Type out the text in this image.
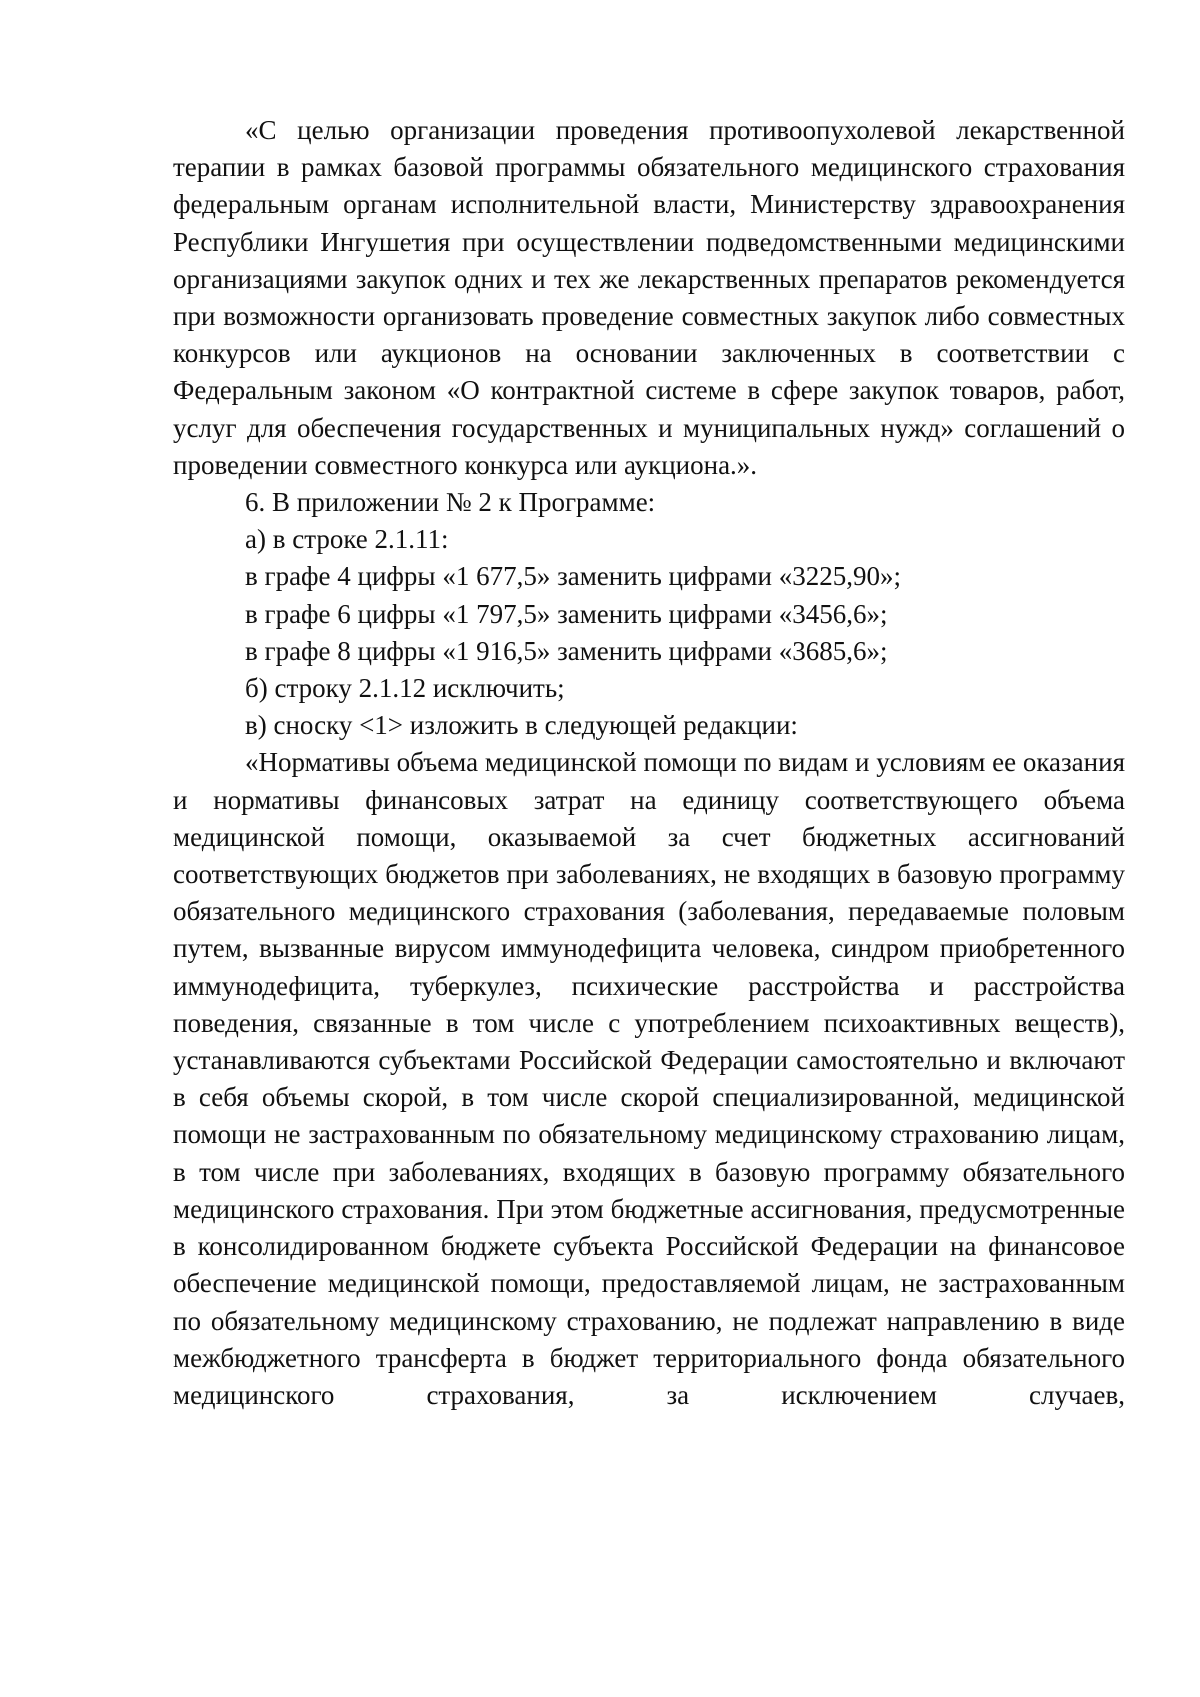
«С целью организации проведения противоопухолевой лекарственной терапии в рамках базовой программы обязательного медицинского страхования федеральным органам исполнительной власти, Министерству здравоохранения Республики Ингушетия при осуществлении подведомственными медицинскими организациями закупок одних и тех же лекарственных препаратов рекомендуется при возможности организовать проведение совместных закупок либо совместных конкурсов или аукционов на основании заключенных в соответствии с Федеральным законом «О контрактной системе в сфере закупок товаров, работ, услуг для обеспечения государственных и муниципальных нужд» соглашений о проведении совместного конкурса или аукциона.».

6. В приложении № 2 к Программе:

а) в строке 2.1.11:

в графе 4 цифры «1 677,5» заменить цифрами «3225,90»;

в графе 6 цифры «1 797,5» заменить цифрами «3456,6»;

в графе 8 цифры «1 916,5» заменить цифрами «3685,6»;

б) строку 2.1.12 исключить;

в) сноску <1> изложить в следующей редакции:

«Нормативы объема медицинской помощи по видам и условиям ее оказания и нормативы финансовых затрат на единицу соответствующего объема медицинской помощи, оказываемой за счет бюджетных ассигнований соответствующих бюджетов при заболеваниях, не входящих в базовую программу обязательного медицинского страхования (заболевания, передаваемые половым путем, вызванные вирусом иммунодефицита человека, синдром приобретенного иммунодефицита, туберкулез, психические расстройства и расстройства поведения, связанные в том числе с употреблением психоактивных веществ), устанавливаются субъектами Российской Федерации самостоятельно и включают в себя объемы скорой, в том числе скорой специализированной, медицинской помощи не застрахованным по обязательному медицинскому страхованию лицам, в том числе при заболеваниях, входящих в базовую программу обязательного медицинского страхования. При этом бюджетные ассигнования, предусмотренные в консолидированном бюджете субъекта Российской Федерации на финансовое обеспечение медицинской помощи, предоставляемой лицам, не застрахованным по обязательному медицинскому страхованию, не подлежат направлению в виде межбюджетного трансферта в бюджет территориального фонда обязательного медицинского страхования, за исключением случаев,
